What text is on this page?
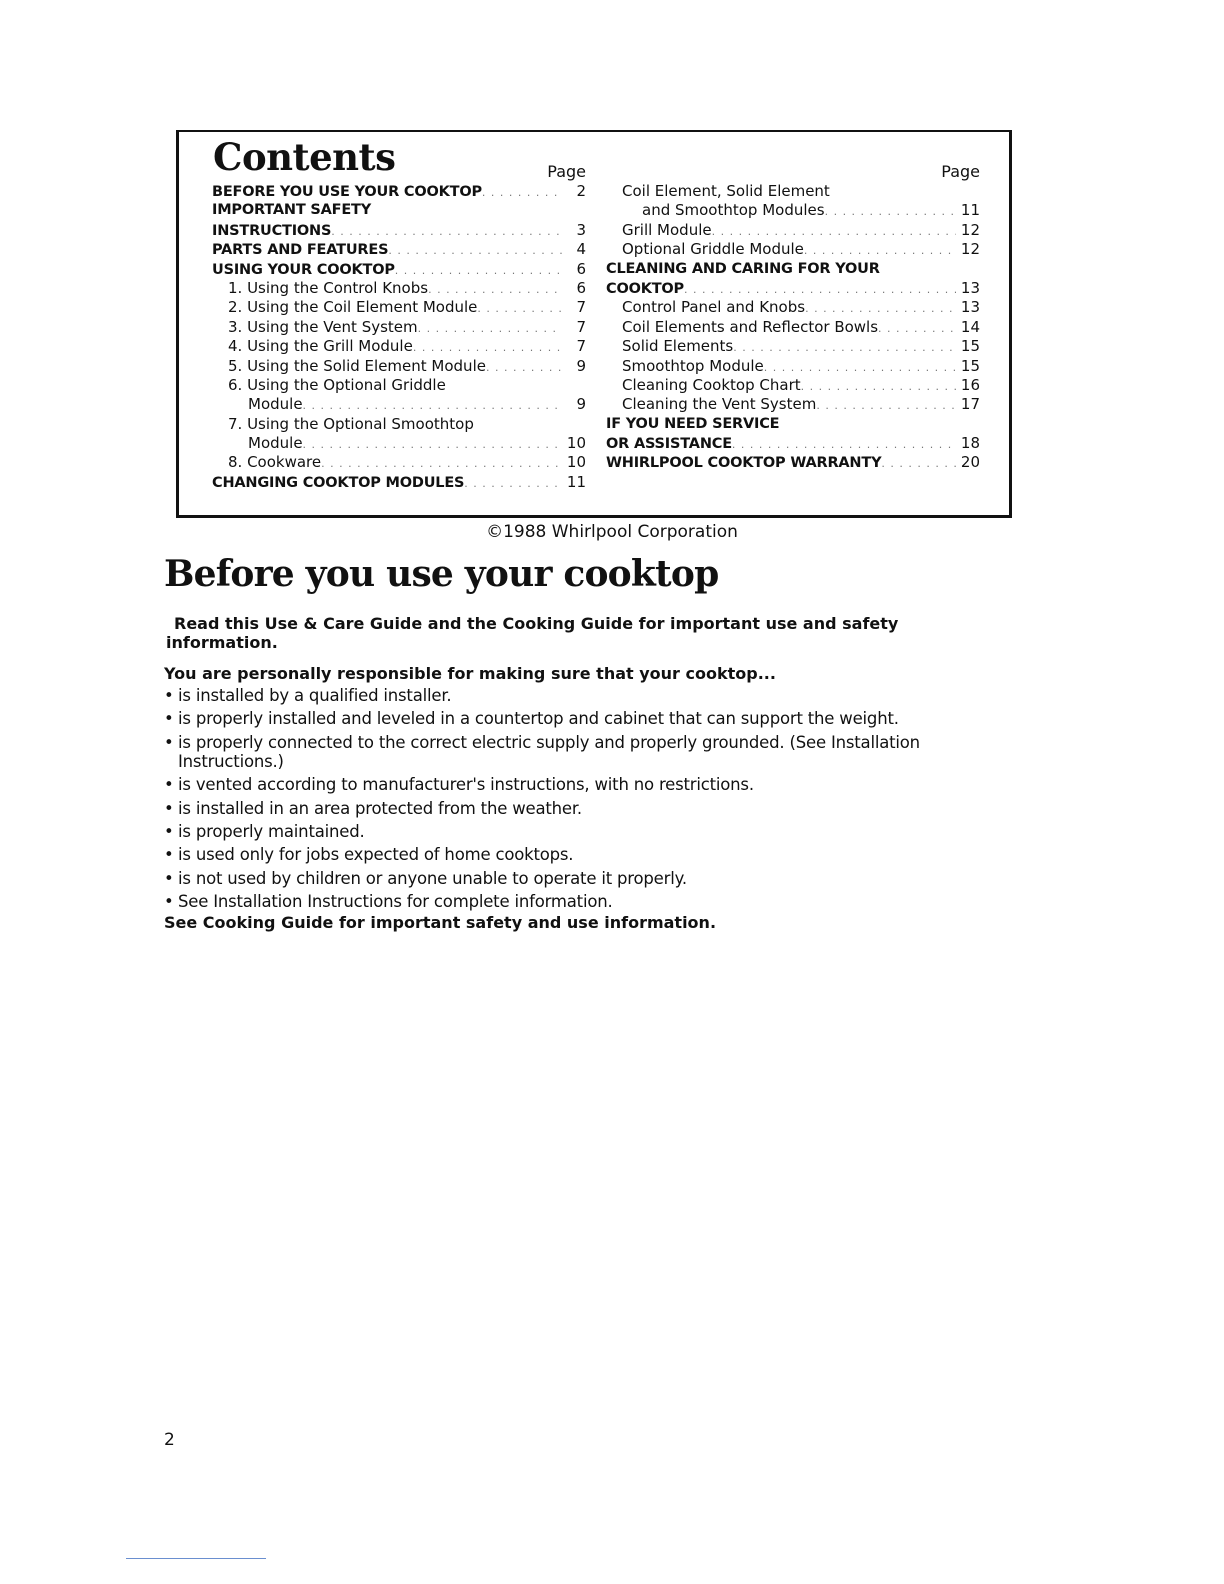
Contents	Page
BEFORE YOU USE YOUR COOKTOP . . .	2
IMPORTANT SAFETY
INSTRUCTIONS . . .	3
PARTS AND FEATURES . . .	4
USING YOUR COOKTOP . . .	6
1. Using the Control Knobs . . .	6
2. Using the Coil Element Module . . .	7
3. Using the Vent System . . .	7
4. Using the Grill Module . . .	7
5. Using the Solid Element Module . . .	9
6. Using the Optional Griddle
Module . . .	9
7. Using the Optional Smoothtop
Module . . .	10
8. Cookware . . .	10
CHANGING COOKTOP MODULES . . .	11
Page
Coil Element, Solid Element
and Smoothtop Modules . . .	11
Grill Module . . .	12
Optional Griddle Module . . .	12
CLEANING AND CARING FOR YOUR
COOKTOP . . .	13
Control Panel and Knobs . . .	13
Coil Elements and Reflector Bowls . . .	14
Solid Elements . . .	15
Smoothtop Module . . .	15
Cleaning Cooktop Chart . . .	16
Cleaning the Vent System . . .	17
IF YOU NEED SERVICE
OR ASSISTANCE . . .	18
WHIRLPOOL COOKTOP WARRANTY . . .	20

©1988 Whirlpool Corporation

Before you use your cooktop

Read this Use & Care Guide and the Cooking Guide for important use and safety information.

You are personally responsible for making sure that your cooktop...

• is installed by a qualified installer.
• is properly installed and leveled in a countertop and cabinet that can support the weight.
• is properly connected to the correct electric supply and properly grounded. (See Installation Instructions.)
• is vented according to manufacturer's instructions, with no restrictions.
• is installed in an area protected from the weather.
• is properly maintained.
• is used only for jobs expected of home cooktops.
• is not used by children or anyone unable to operate it properly.
• See Installation Instructions for complete information.

See Cooking Guide for important safety and use information.

2
